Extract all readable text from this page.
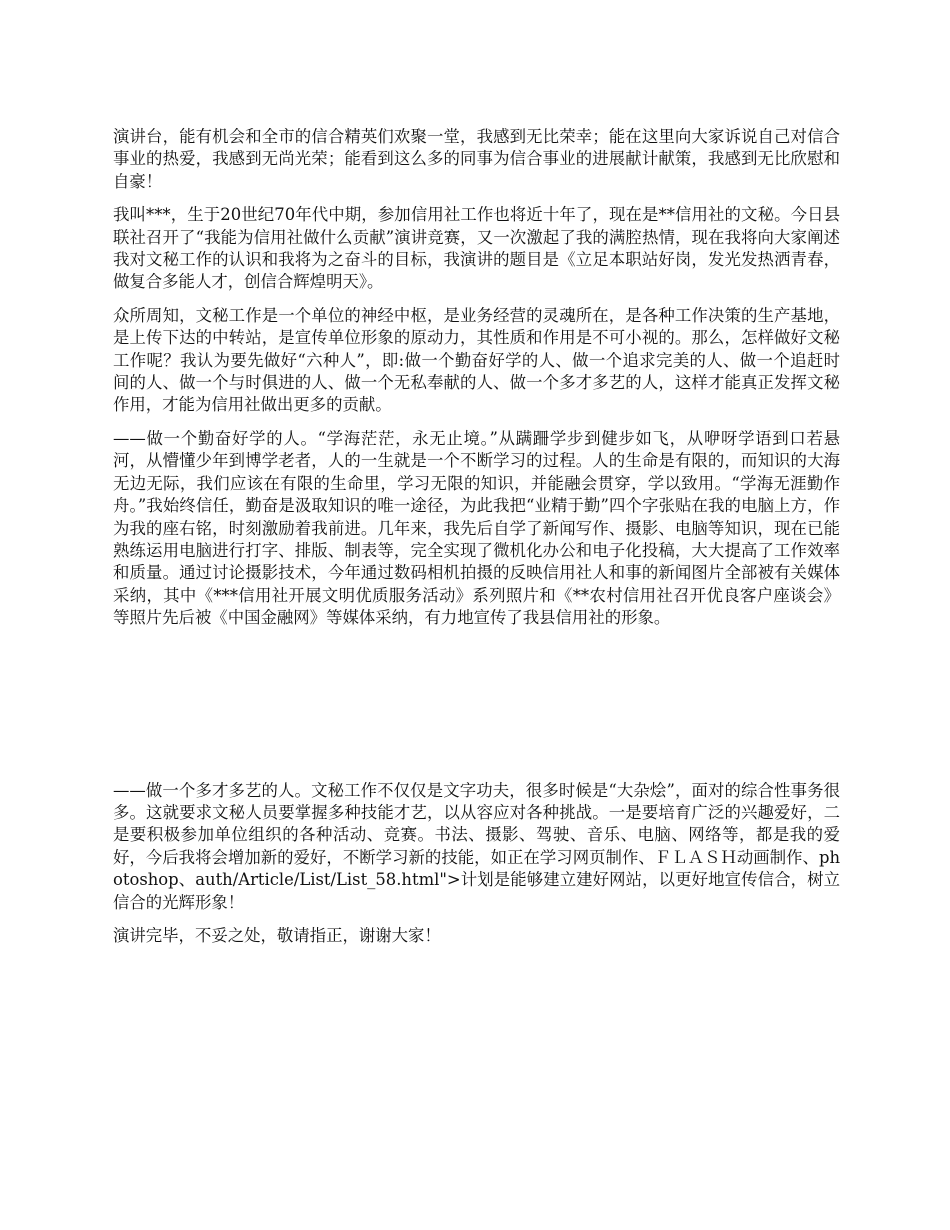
演讲台，能有机会和全市的信合精英们欢聚一堂，我感到无比荣幸；能在这里向大家诉说自己对信合事业的热爱，我感到无尚光荣；能看到这么多的同事为信合事业的进展献计献策，我感到无比欣慰和自豪！

我叫***，生于20世纪70年代中期，参加信用社工作也将近十年了，现在是**信用社的文秘。今日县联社召开了“我能为信用社做什么贡献”演讲竞赛，又一次激起了我的满腔热情，现在我将向大家阐述我对文秘工作的认识和我将为之奋斗的目标，我演讲的题目是《立足本职站好岗，发光发热洒青春，做复合多能人才，创信合辉煌明天》。

众所周知，文秘工作是一个单位的神经中枢，是业务经营的灵魂所在，是各种工作决策的生产基地，是上传下达的中转站，是宣传单位形象的原动力，其性质和作用是不可小视的。那么，怎样做好文秘工作呢？我认为要先做好“六种人”，即:做一个勤奋好学的人、做一个追求完美的人、做一个追赶时间的人、做一个与时俱进的人、做一个无私奉献的人、做一个多才多艺的人，这样才能真正发挥文秘作用，才能为信用社做出更多的贡献。

——做一个勤奋好学的人。“学海茫茫，永无止境。”从蹒跚学步到健步如飞，从咿呀学语到口若悬河，从懵懂少年到博学老者，人的一生就是一个不断学习的过程。人的生命是有限的，而知识的大海无边无际，我们应该在有限的生命里，学习无限的知识，并能融会贯穿，学以致用。“学海无涯勤作舟。”我始终信任，勤奋是汲取知识的唯一途径，为此我把“业精于勤”四个字张贴在我的电脑上方，作为我的座右铭，时刻激励着我前进。几年来，我先后自学了新闻写作、摄影、电脑等知识，现在已能熟练运用电脑进行打字、排版、制表等，完全实现了微机化办公和电子化投稿，大大提高了工作效率和质量。通过讨论摄影技术，今年通过数码相机拍摄的反映信用社人和事的新闻图片全部被有关媒体采纳，其中《***信用社开展文明优质服务活动》系列照片和《**农村信用社召开优良客户座谈会》等照片先后被《中国金融网》等媒体采纳，有力地宣传了我县信用社的形象。

——做一个多才多艺的人。文秘工作不仅仅是文字功夫，很多时候是“大杂烩”，面对的综合性事务很多。这就要求文秘人员要掌握多种技能才艺，以从容应对各种挑战。一是要培育广泛的兴趣爱好，二是要积极参加单位组织的各种活动、竞赛。书法、摄影、驾驶、音乐、电脑、网络等，都是我的爱好，今后我将会增加新的爱好，不断学习新的技能，如正在学习网页制作、ＦＬＡＳＨ动画制作、photoshop、auth/Article/List/List_58.html">计划是能够建立建好网站，以更好地宣传信合，树立信合的光辉形象！

演讲完毕，不妥之处，敬请指正，谢谢大家！
